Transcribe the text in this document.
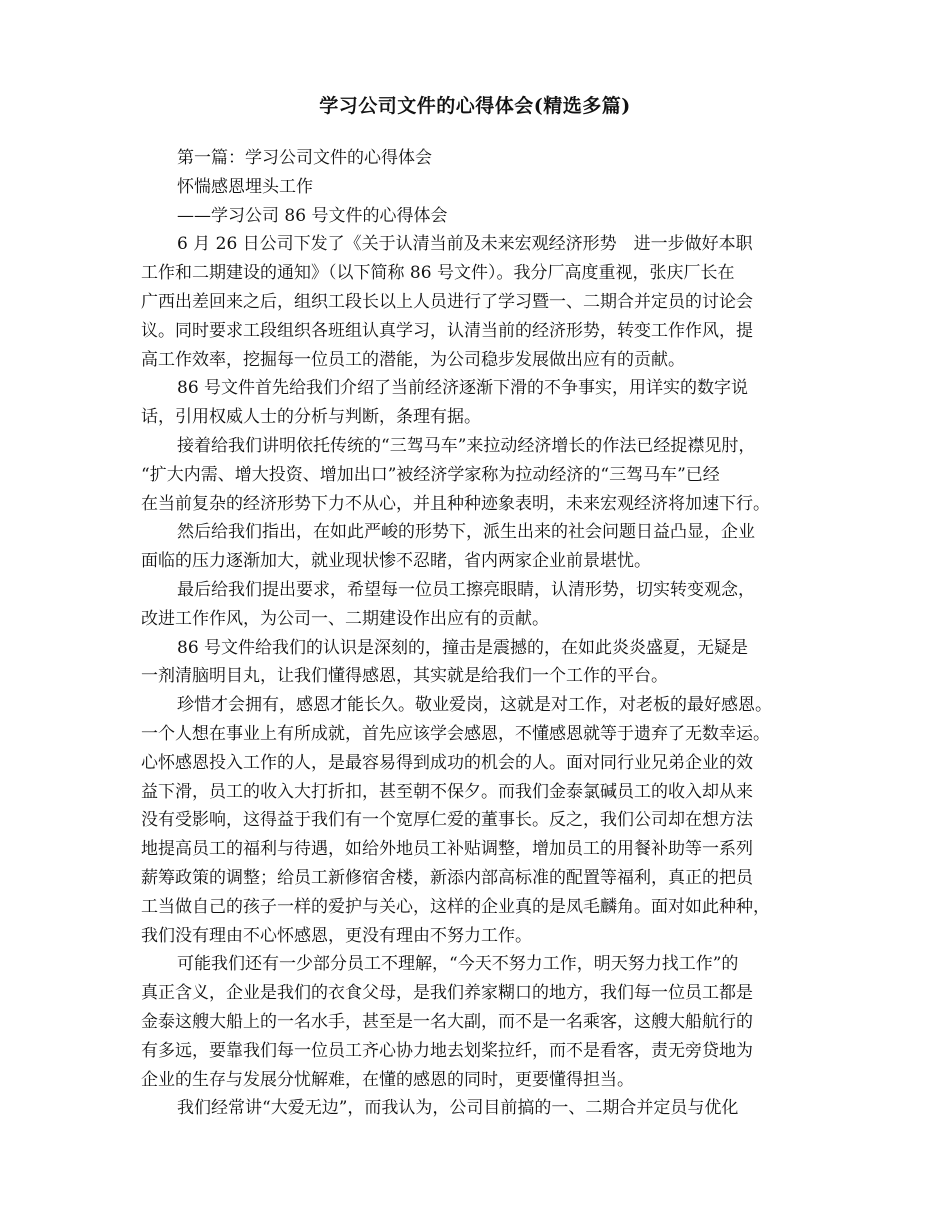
学习公司文件的心得体会(精选多篇)

第一篇：学习公司文件的心得体会

怀惴感恩埋头工作

——学习公司 86 号文件的心得体会

6 月 26 日公司下发了《关于认清当前及未来宏观经济形势　进一步做好本职

工作和二期建设的通知》（以下简称 86 号文件）。我分厂高度重视，张庆厂长在

广西出差回来之后，组织工段长以上人员进行了学习暨一、二期合并定员的讨论会

议。同时要求工段组织各班组认真学习，认清当前的经济形势，转变工作作风，提

高工作效率，挖掘每一位员工的潜能，为公司稳步发展做出应有的贡献。

86 号文件首先给我们介绍了当前经济逐渐下滑的不争事实，用详实的数字说

话，引用权威人士的分析与判断，条理有据。

接着给我们讲明依托传统的“三驾马车”来拉动经济增长的作法已经捉襟见肘，

“扩大内需、增大投资、增加出口”被经济学家称为拉动经济的“三驾马车”已经

在当前复杂的经济形势下力不从心，并且种种迹象表明，未来宏观经济将加速下行。

然后给我们指出，在如此严峻的形势下，派生出来的社会问题日益凸显，企业

面临的压力逐渐加大，就业现状惨不忍睹，省内两家企业前景堪忧。

最后给我们提出要求，希望每一位员工擦亮眼睛，认清形势，切实转变观念，

改进工作作风，为公司一、二期建设作出应有的贡献。

86 号文件给我们的认识是深刻的，撞击是震撼的，在如此炎炎盛夏，无疑是

一剂清脑明目丸，让我们懂得感恩，其实就是给我们一个工作的平台。

珍惜才会拥有，感恩才能长久。敬业爱岗，这就是对工作，对老板的最好感恩。

一个人想在事业上有所成就，首先应该学会感恩，不懂感恩就等于遗弃了无数幸运。

心怀感恩投入工作的人，是最容易得到成功的机会的人。面对同行业兄弟企业的效

益下滑，员工的收入大打折扣，甚至朝不保夕。而我们金泰氯碱员工的收入却从来

没有受影响，这得益于我们有一个宽厚仁爱的董事长。反之，我们公司却在想方法

地提高员工的福利与待遇，如给外地员工补贴调整，增加员工的用餐补助等一系列

薪筹政策的调整；给员工新修宿舍楼，新添内部高标准的配置等福利，真正的把员

工当做自己的孩子一样的爱护与关心，这样的企业真的是凤毛麟角。面对如此种种，

我们没有理由不心怀感恩，更没有理由不努力工作。

可能我们还有一少部分员工不理解，“今天不努力工作，明天努力找工作”的

真正含义，企业是我们的衣食父母，是我们养家糊口的地方，我们每一位员工都是

金泰这艘大船上的一名水手，甚至是一名大副，而不是一名乘客，这艘大船航行的

有多远，要靠我们每一位员工齐心协力地去划桨拉纤，而不是看客，责无旁贷地为

企业的生存与发展分忧解难，在懂的感恩的同时，更要懂得担当。

我们经常讲“大爱无边”，而我认为，公司目前搞的一、二期合并定员与优化
